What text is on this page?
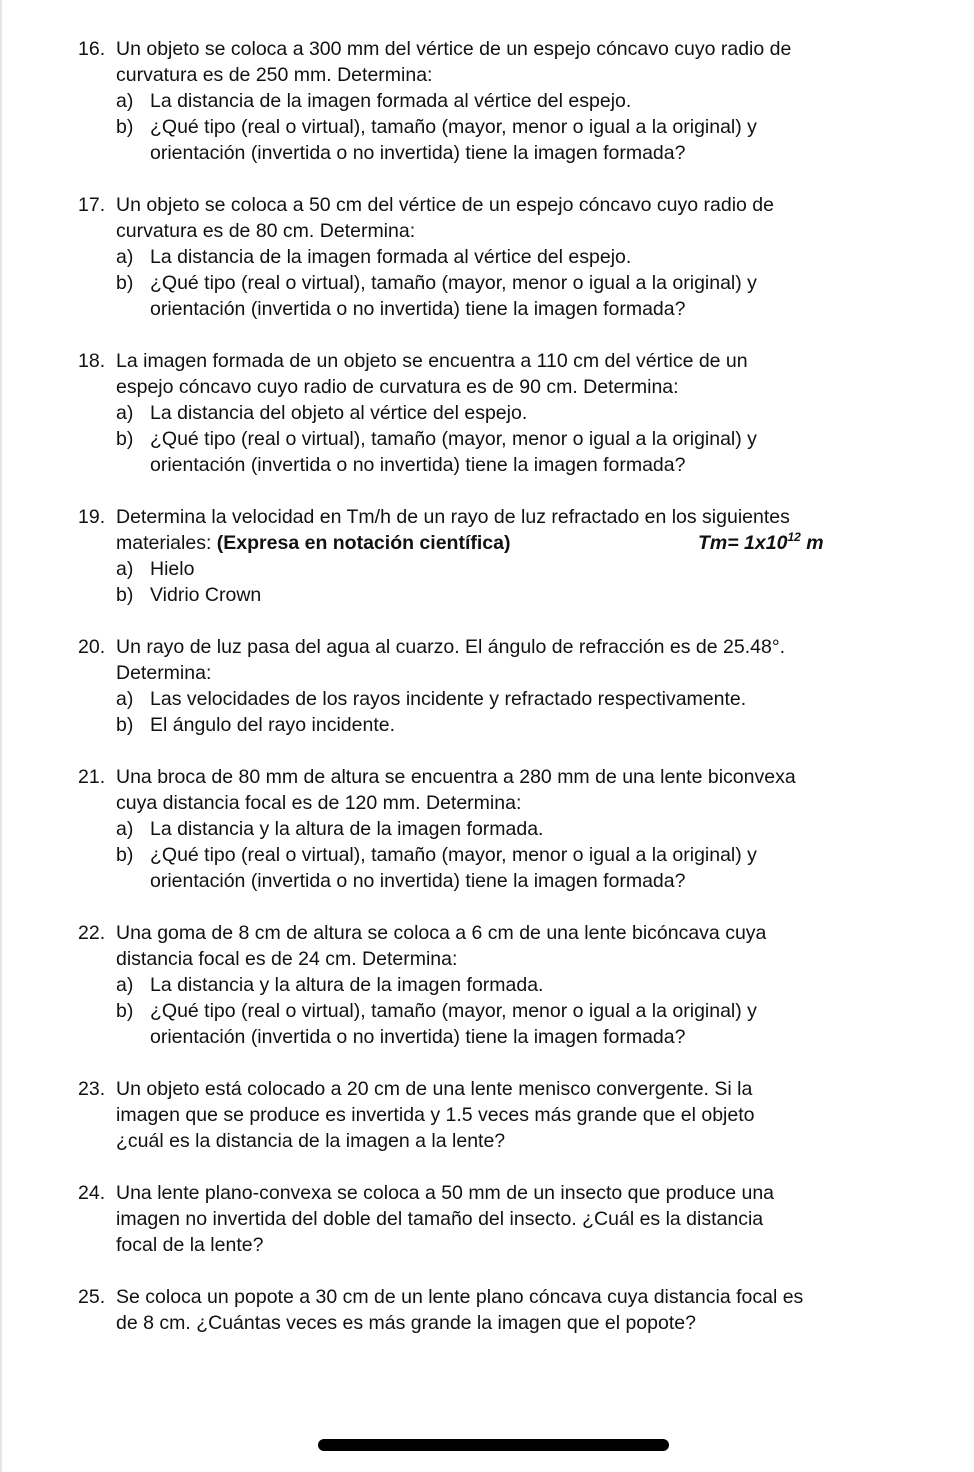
16. Un objeto se coloca a 300 mm del vértice de un espejo cóncavo cuyo radio de
curvatura es de 250 mm. Determina:
a) La distancia de la imagen formada al vértice del espejo.
b) ¿Qué tipo (real o virtual), tamaño (mayor, menor o igual a la original) y
orientación (invertida o no invertida) tiene la imagen formada?
17. Un objeto se coloca a 50 cm del vértice de un espejo cóncavo cuyo radio de
curvatura es de 80 cm. Determina:
a) La distancia de la imagen formada al vértice del espejo.
b) ¿Qué tipo (real o virtual), tamaño (mayor, menor o igual a la original) y
orientación (invertida o no invertida) tiene la imagen formada?
18. La imagen formada de un objeto se encuentra a 110 cm del vértice de un
espejo cóncavo cuyo radio de curvatura es de 90 cm. Determina:
a) La distancia del objeto al vértice del espejo.
b) ¿Qué tipo (real o virtual), tamaño (mayor, menor o igual a la original) y
orientación (invertida o no invertida) tiene la imagen formada?
19. Determina la velocidad en Tm/h de un rayo de luz refractado en los siguientes
materiales: (Expresa en notación científica)	$Tm= 1x10^{12}$ m
a) Hielo
b) Vidrio Crown
20. Un rayo de luz pasa del agua al cuarzo. El ángulo de refracción es de 25.48°.
Determina:
a) Las velocidades de los rayos incidente y refractado respectivamente.
b) El ángulo del rayo incidente.
21. Una broca de 80 mm de altura se encuentra a 280 mm de una lente biconvexa
cuya distancia focal es de 120 mm. Determina:
a) La distancia y la altura de la imagen formada.
b) ¿Qué tipo (real o virtual), tamaño (mayor, menor o igual a la original) y
orientación (invertida o no invertida) tiene la imagen formada?
22. Una goma de 8 cm de altura se coloca a 6 cm de una lente bicóncava cuya
distancia focal es de 24 cm. Determina:
a) La distancia y la altura de la imagen formada.
b) ¿Qué tipo (real o virtual), tamaño (mayor, menor o igual a la original) y
orientación (invertida o no invertida) tiene la imagen formada?
23. Un objeto está colocado a 20 cm de una lente menisco convergente. Si la
imagen que se produce es invertida y 1.5 veces más grande que el objeto
¿cuál es la distancia de la imagen a la lente?
24. Una lente plano-convexa se coloca a 50 mm de un insecto que produce una
imagen no invertida del doble del tamaño del insecto. ¿Cuál es la distancia
focal de la lente?
25. Se coloca un popote a 30 cm de un lente plano cóncava cuya distancia focal es
de 8 cm. ¿Cuántas veces es más grande la imagen que el popote?
